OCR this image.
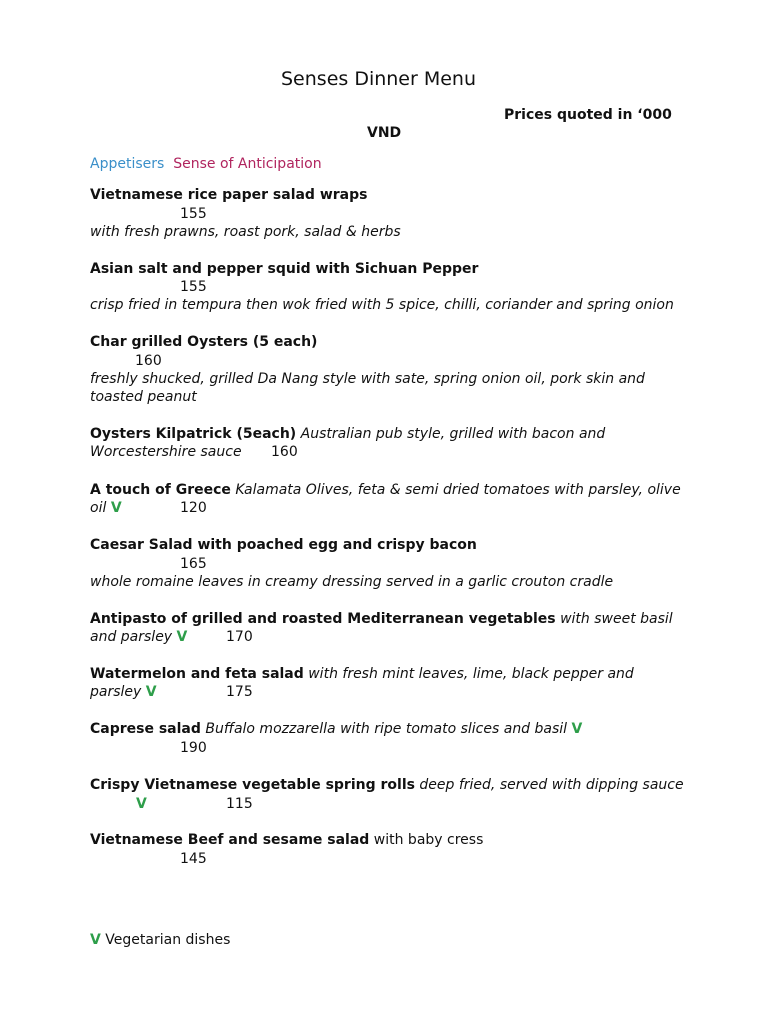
Senses Dinner Menu
Prices quoted in ‘000
VND
Appetisers Sense of Anticipation
Vietnamese rice paper salad wraps
155
with fresh prawns, roast pork, salad & herbs
Asian salt and pepper squid with Sichuan Pepper
155
crisp fried in tempura then wok fried with 5 spice, chilli, coriander and spring onion
Char grilled Oysters (5 each)
160
freshly shucked, grilled Da Nang style with sate, spring onion oil, pork skin and
toasted peanut
Oysters Kilpatrick (5each) Australian pub style, grilled with bacon and
Worcestershire sauce 160
A touch of Greece Kalamata Olives, feta & semi dried tomatoes with parsley, olive
oil V	120
Caesar Salad with poached egg and crispy bacon
165
whole romaine leaves in creamy dressing served in a garlic crouton cradle
Antipasto of grilled and roasted Mediterranean vegetables with sweet basil
and parsley V	170
Watermelon and feta salad with fresh mint leaves, lime, black pepper and
parsley V	175
Caprese salad Buffalo mozzarella with ripe tomato slices and basil V
190
Crispy Vietnamese vegetable spring rolls deep fried, served with dipping sauce
V	115
Vietnamese Beef and sesame salad with baby cress
145
V Vegetarian dishes
